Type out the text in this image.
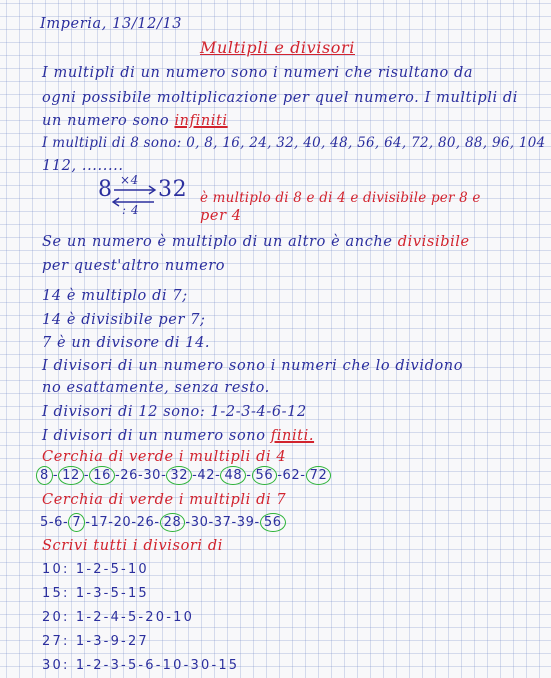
Imperia, 13/12/13
Multipli e divisori
I multipli di un numero sono i numeri che risultano da
ogni possibile moltiplicazione per quel numero. I multipli di
un numero sono infiniti
I multipli di 8 sono: 0, 8, 16, 24, 32, 40, 48, 56, 64, 72, 80, 88, 96, 104
112, ........
8 ×4
: 4
32 è multiplo di 8 e di 4 e divisibile per 8 e
per 4
Se un numero è multiplo di un altro è anche divisibile
per quest'altro numero
14 è multiplo di 7;
14 è divisibile per 7;
7 è un divisore di 14.
I divisori di un numero sono i numeri che lo dividono
no esattamente, senza resto.
I divisori di 12 sono: 1-2-3-4-6-12
I divisori di un numero sono finiti.
Cerchia di verde i multipli di 4
8 - 12 - 16 -26-30- 32 -42- 48 - 56 -62- 72
Cerchia di verde i multipli di 7
5-6- 7 -17-20-26- 28 -30-37-39- 56
Scrivi tutti i divisori di
10: 1-2-5-10
15: 1-3-5-15
20: 1-2-4-5-20-10
27: 1-3-9-27
30: 1-2-3-5-6-10-30-15
